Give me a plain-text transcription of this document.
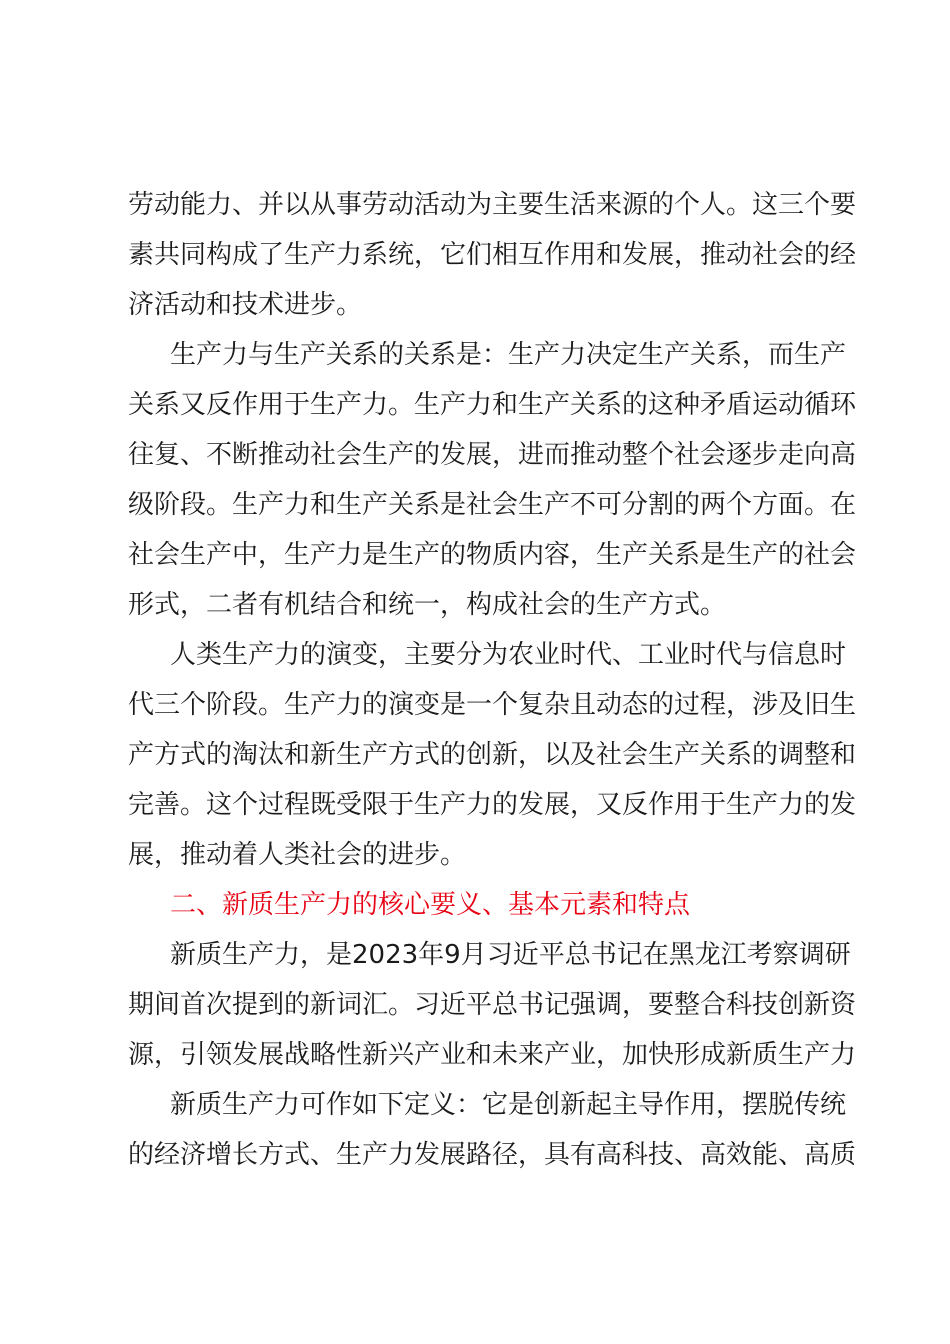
劳动能力、并以从事劳动活动为主要生活来源的个人。这三个要
素共同构成了生产力系统，它们相互作用和发展，推动社会的经
济活动和技术进步。

生产力与生产关系的关系是：生产力决定生产关系，而生产
关系又反作用于生产力。生产力和生产关系的这种矛盾运动循环
往复、不断推动社会生产的发展，进而推动整个社会逐步走向高
级阶段。生产力和生产关系是社会生产不可分割的两个方面。在
社会生产中，生产力是生产的物质内容，生产关系是生产的社会
形式，二者有机结合和统一，构成社会的生产方式。

人类生产力的演变，主要分为农业时代、工业时代与信息时
代三个阶段。生产力的演变是一个复杂且动态的过程，涉及旧生
产方式的淘汰和新生产方式的创新，以及社会生产关系的调整和
完善。这个过程既受限于生产力的发展，又反作用于生产力的发
展，推动着人类社会的进步。

二、新质生产力的核心要义、基本元素和特点

新质生产力，是2023年9月习近平总书记在黑龙江考察调研
期间首次提到的新词汇。习近平总书记强调，要整合科技创新资
源，引领发展战略性新兴产业和未来产业，加快形成新质生产力

新质生产力可作如下定义：它是创新起主导作用，摆脱传统
的经济增长方式、生产力发展路径，具有高科技、高效能、高质
